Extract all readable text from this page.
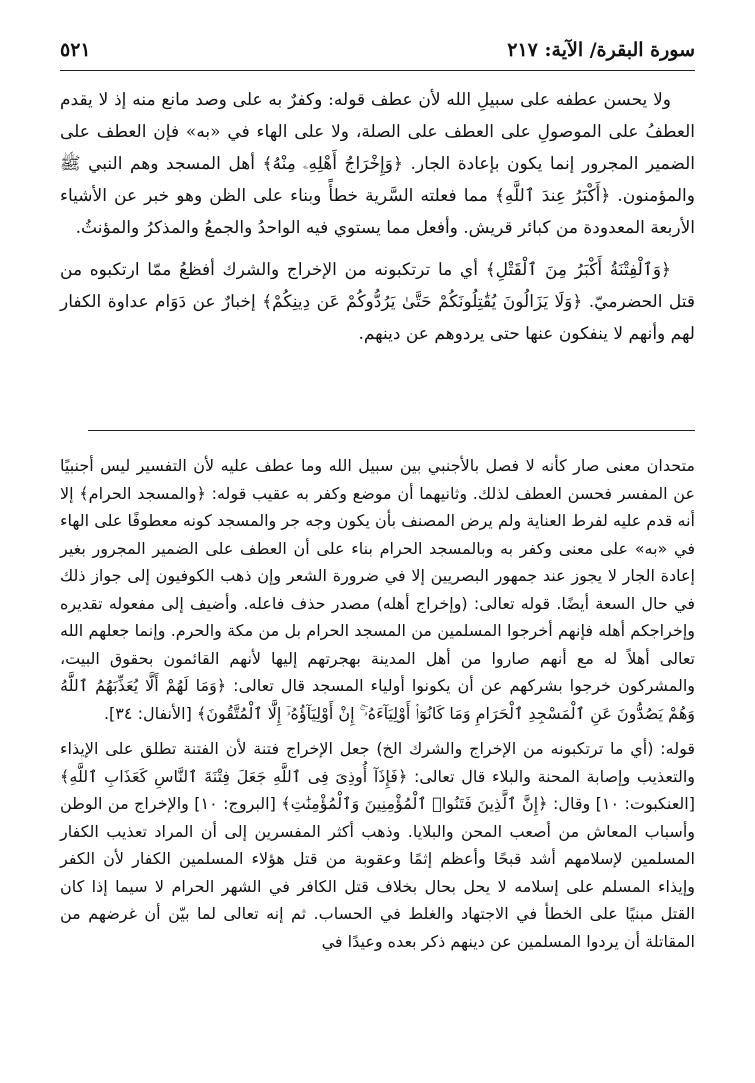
سورة البقرة/ الآية: ٢١٧
٥٢١

ولا يحسن عطفه على سبيلِ الله لأن عطف قوله: وكفرٌ به على وصد مانع منه إذ لا يقدم العطفُ على الموصولِ على العطف على الصلة، ولا على الهاء في «به» فإن العطف على الضمير المجرور إنما يكون بإعادة الجار. ﴿وَإِخْرَاجُ أَهْلِهِۦ مِنْهُ﴾ أهل المسجد وهم النبي ﷺ والمؤمنون. ﴿أَكْبَرُ عِندَ ٱللَّهِ﴾ مما فعلته السَّرية خطأً وبناء على الظن وهو خبر عن الأشياء الأربعة المعدودة من كبائر قريش. وأفعل مما يستوي فيه الواحدُ والجمعُ والمذكرُ والمؤنثُ.

﴿وَٱلْفِتْنَةُ أَكْبَرُ مِنَ ٱلْقَتْلِ﴾ أي ما ترتكبونه من الإخراج والشرك أفظعُ ممّا ارتكبوه من قتل الحضرميّ. ﴿وَلَا يَزَالُونَ يُقَٰتِلُونَكُمْ حَتَّىٰ يَرُدُّوكُمْ عَن دِينِكُمْ﴾ إخبارٌ عن دَوَام عداوة الكفار لهم وأنهم لا ينفكون عنها حتى يردوهم عن دينهم.

متحدان معنى صار كأنه لا فصل بالأجنبي بين سبيل الله وما عطف عليه لأن التفسير ليس أجنبيًا عن المفسر فحسن العطف لذلك. وثانيهما أن موضع وكفر به عقيب قوله: ﴿والمسجد الحرام﴾ إلا أنه قدم عليه لفرط العناية ولم يرض المصنف بأن يكون وجه جر والمسجد كونه معطوفًا على الهاء في «به» على معنى وكفر به وبالمسجد الحرام بناء على أن العطف على الضمير المجرور بغير إعادة الجار لا يجوز عند جمهور البصريين إلا في ضرورة الشعر وإن ذهب الكوفيون إلى جواز ذلك في حال السعة أيضًا. قوله تعالى: (وإخراج أهله) مصدر حذف فاعله. وأضيف إلى مفعوله تقديره وإخراجكم أهله فإنهم أخرجوا المسلمين من المسجد الحرام بل من مكة والحرم. وإنما جعلهم الله تعالى أهلاً له مع أنهم صاروا من أهل المدينة بهجرتهم إليها لأنهم القائمون بحقوق البيت، والمشركون خرجوا بشركهم عن أن يكونوا أولياء المسجد قال تعالى: ﴿وَمَا لَهُمْ أَلَّا يُعَذِّبَهُمُ ٱللَّهُ وَهُمْ يَصُدُّونَ عَنِ ٱلْمَسْجِدِ ٱلْحَرَامِ وَمَا كَانُوٓا۟ أَوْلِيَآءَهُۥٓ ۚ إِنْ أَوْلِيَآؤُهُۥٓ إِلَّا ٱلْمُتَّقُونَ﴾ [الأنفال: ٣٤].

قوله: (أي ما ترتكبونه من الإخراج والشرك الخ) جعل الإخراج فتنة لأن الفتنة تطلق على الإيذاء والتعذيب وإصابة المحنة والبلاء قال تعالى: ﴿فَإِذَآ أُوذِىَ فِى ٱللَّهِ جَعَلَ فِتْنَةَ ٱلنَّاسِ كَعَذَابِ ٱللَّهِ﴾ [العنكبوت: ١٠] وقال: ﴿إِنَّ ٱلَّذِينَ فَتَنُوا۟ ٱلْمُؤْمِنِينَ وَٱلْمُؤْمِنَٰتِ﴾ [البروج: ١٠] والإخراج من الوطن وأسباب المعاش من أصعب المحن والبلايا. وذهب أكثر المفسرين إلى أن المراد تعذيب الكفار المسلمين لإسلامهم أشد قبحًا وأعظم إثمًا وعقوبة من قتل هؤلاء المسلمين الكفار لأن الكفر وإيذاء المسلم على إسلامه لا يحل بحال بخلاف قتل الكافر في الشهر الحرام لا سيما إذا كان القتل مبنيًا على الخطأ في الاجتهاد والغلط في الحساب. ثم إنه تعالى لما بيّن أن غرضهم من المقاتلة أن يردوا المسلمين عن دينهم ذكر بعده وعيدًا في
